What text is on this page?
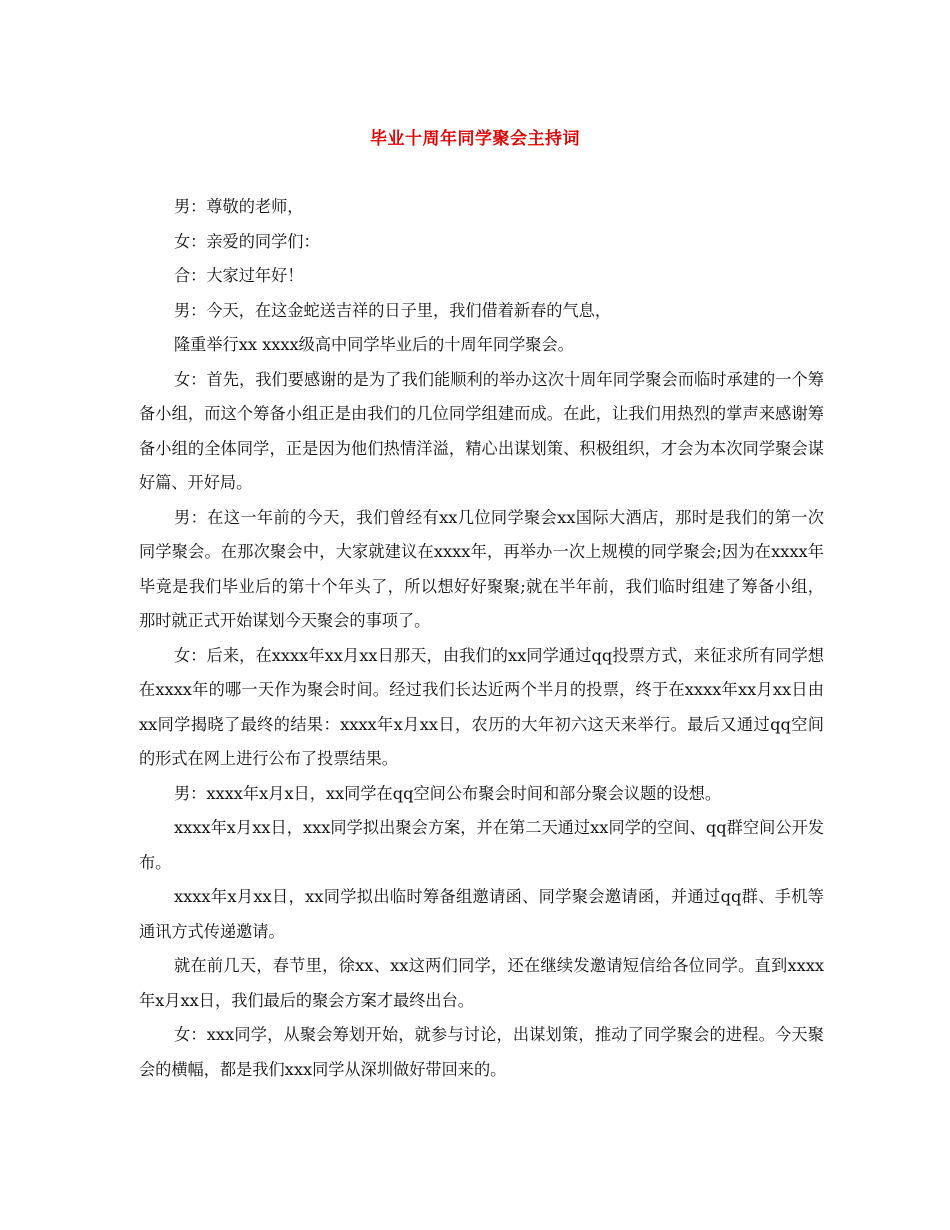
毕业十周年同学聚会主持词

男：尊敬的老师，

女：亲爱的同学们：

合：大家过年好！

男：今天，在这金蛇送吉祥的日子里，我们借着新春的气息，

隆重举行xx xxxx级高中同学毕业后的十周年同学聚会。

女：首先，我们要感谢的是为了我们能顺利的举办这次十周年同学聚会而临时承建的一个筹备小组，而这个筹备小组正是由我们的几位同学组建而成。在此，让我们用热烈的掌声来感谢筹备小组的全体同学，正是因为他们热情洋溢，精心出谋划策、积极组织，才会为本次同学聚会谋好篇、开好局。

男：在这一年前的今天，我们曾经有xx几位同学聚会xx国际大酒店，那时是我们的第一次同学聚会。在那次聚会中，大家就建议在xxxx年，再举办一次上规模的同学聚会;因为在xxxx年毕竟是我们毕业后的第十个年头了，所以想好好聚聚;就在半年前，我们临时组建了筹备小组，那时就正式开始谋划今天聚会的事项了。

女：后来，在xxxx年xx月xx日那天，由我们的xx同学通过qq投票方式，来征求所有同学想在xxxx年的哪一天作为聚会时间。经过我们长达近两个半月的投票，终于在xxxx年xx月xx日由xx同学揭晓了最终的结果：xxxx年x月xx日，农历的大年初六这天来举行。最后又通过qq空间的形式在网上进行公布了投票结果。

男：xxxx年x月x日，xx同学在qq空间公布聚会时间和部分聚会议题的设想。

xxxx年x月xx日，xxx同学拟出聚会方案，并在第二天通过xx同学的空间、qq群空间公开发布。

xxxx年x月xx日，xx同学拟出临时筹备组邀请函、同学聚会邀请函，并通过qq群、手机等通讯方式传递邀请。

就在前几天，春节里，徐xx、xx这两们同学，还在继续发邀请短信给各位同学。直到xxxx年x月xx日，我们最后的聚会方案才最终出台。

女：xxx同学，从聚会筹划开始，就参与讨论，出谋划策，推动了同学聚会的进程。今天聚会的横幅，都是我们xxx同学从深圳做好带回来的。
